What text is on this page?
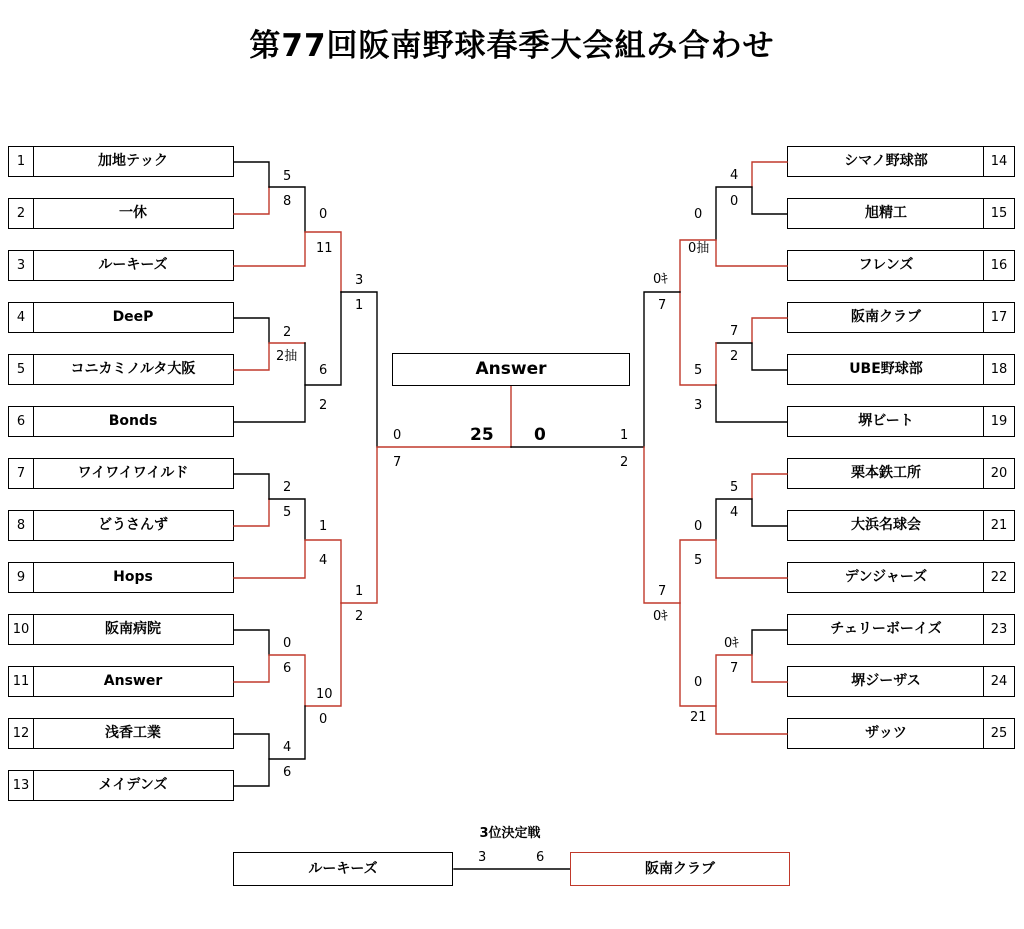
第77回阪南野球春季大会組み合わせ
1	加地テック
2	一休
3	ルーキーズ
4	DeeP
5	コニカミノルタ大阪
6	Bonds
7	ワイワイワイルド
8	どうさんず
9	Hops
10	阪南病院
11	Answer
12	浅香工業
13	メイデンズ
シマノ野球部	14
旭精工	15
フレンズ	16
阪南クラブ	17
UBE野球部	18
堺ビート	19
栗本鉄工所	20
大浜名球会	21
デンジャーズ	22
チェリーボーイズ	23
堺ジーザス	24
ザッツ	25
5
8
0
11
3
1
2
2抽
6
2
0
7
2
5
1
4
1
2
0
6
10
0
4
6
4
0
0
0抽
0ｷ
7
7
2
5
3
1
2
5
4
0
5
7
0ｷ
0ｷ
7
0
21
Answer
25 0
3位決定戦
ルーキーズ	阪南クラブ
3	6
